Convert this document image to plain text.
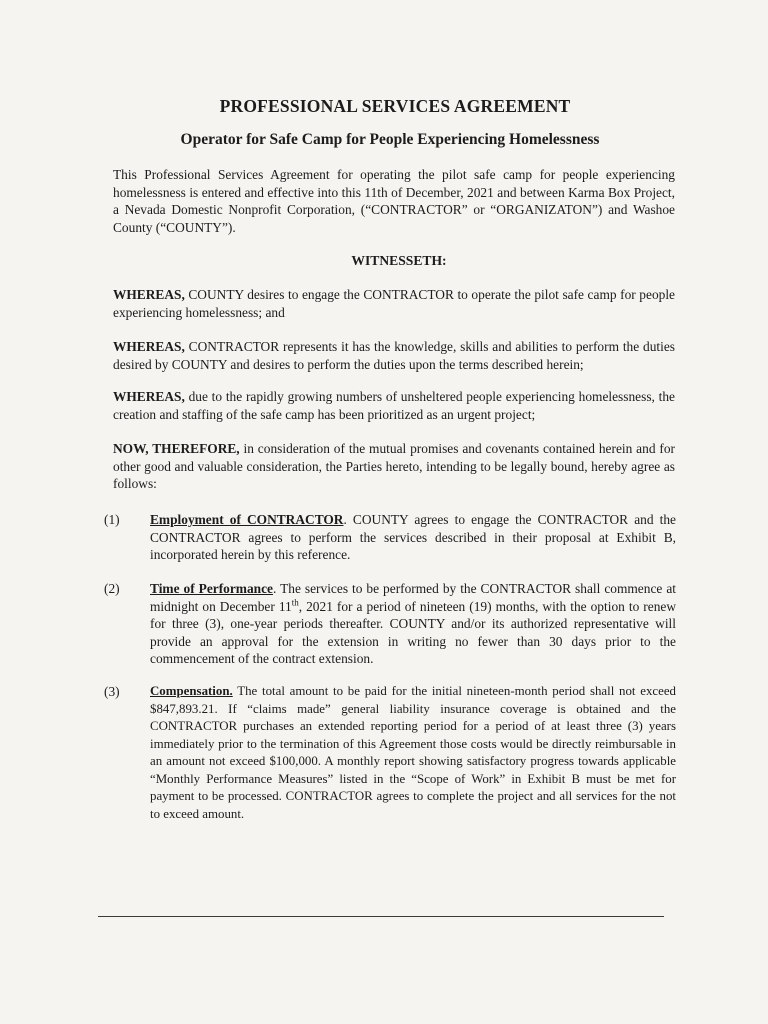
PROFESSIONAL SERVICES AGREEMENT
Operator for Safe Camp for People Experiencing Homelessness

This Professional Services Agreement for operating the pilot safe camp for people experiencing homelessness is entered and effective into this 11th of December, 2021 and between Karma Box Project, a Nevada Domestic Nonprofit Corporation, (“CONTRACTOR” or “ORGANIZATON”) and Washoe County (“COUNTY”).

WITNESSETH:

WHEREAS, COUNTY desires to engage the CONTRACTOR to operate the pilot safe camp for people experiencing homelessness; and

WHEREAS, CONTRACTOR represents it has the knowledge, skills and abilities to perform the duties desired by COUNTY and desires to perform the duties upon the terms described herein;

WHEREAS, due to the rapidly growing numbers of unsheltered people experiencing homelessness, the creation and staffing of the safe camp has been prioritized as an urgent project;

NOW, THEREFORE, in consideration of the mutual promises and covenants contained herein and for other good and valuable consideration, the Parties hereto, intending to be legally bound, hereby agree as follows:

(1) Employment of CONTRACTOR. COUNTY agrees to engage the CONTRACTOR and the CONTRACTOR agrees to perform the services described in their proposal at Exhibit B, incorporated herein by this reference.
(2) Time of Performance. The services to be performed by the CONTRACTOR shall commence at midnight on December 11th, 2021 for a period of nineteen (19) months, with the option to renew for three (3), one-year periods thereafter. COUNTY and/or its authorized representative will provide an approval for the extension in writing no fewer than 30 days prior to the commencement of the contract extension.
(3) Compensation. The total amount to be paid for the initial nineteen-month period shall not exceed $847,893.21. If “claims made” general liability insurance coverage is obtained and the CONTRACTOR purchases an extended reporting period for a period of at least three (3) years immediately prior to the termination of this Agreement those costs would be directly reimbursable in an amount not exceed $100,000. A monthly report showing satisfactory progress towards applicable “Monthly Performance Measures” listed in the “Scope of Work” in Exhibit B must be met for payment to be processed. CONTRACTOR agrees to complete the project and all services for the not to exceed amount.
